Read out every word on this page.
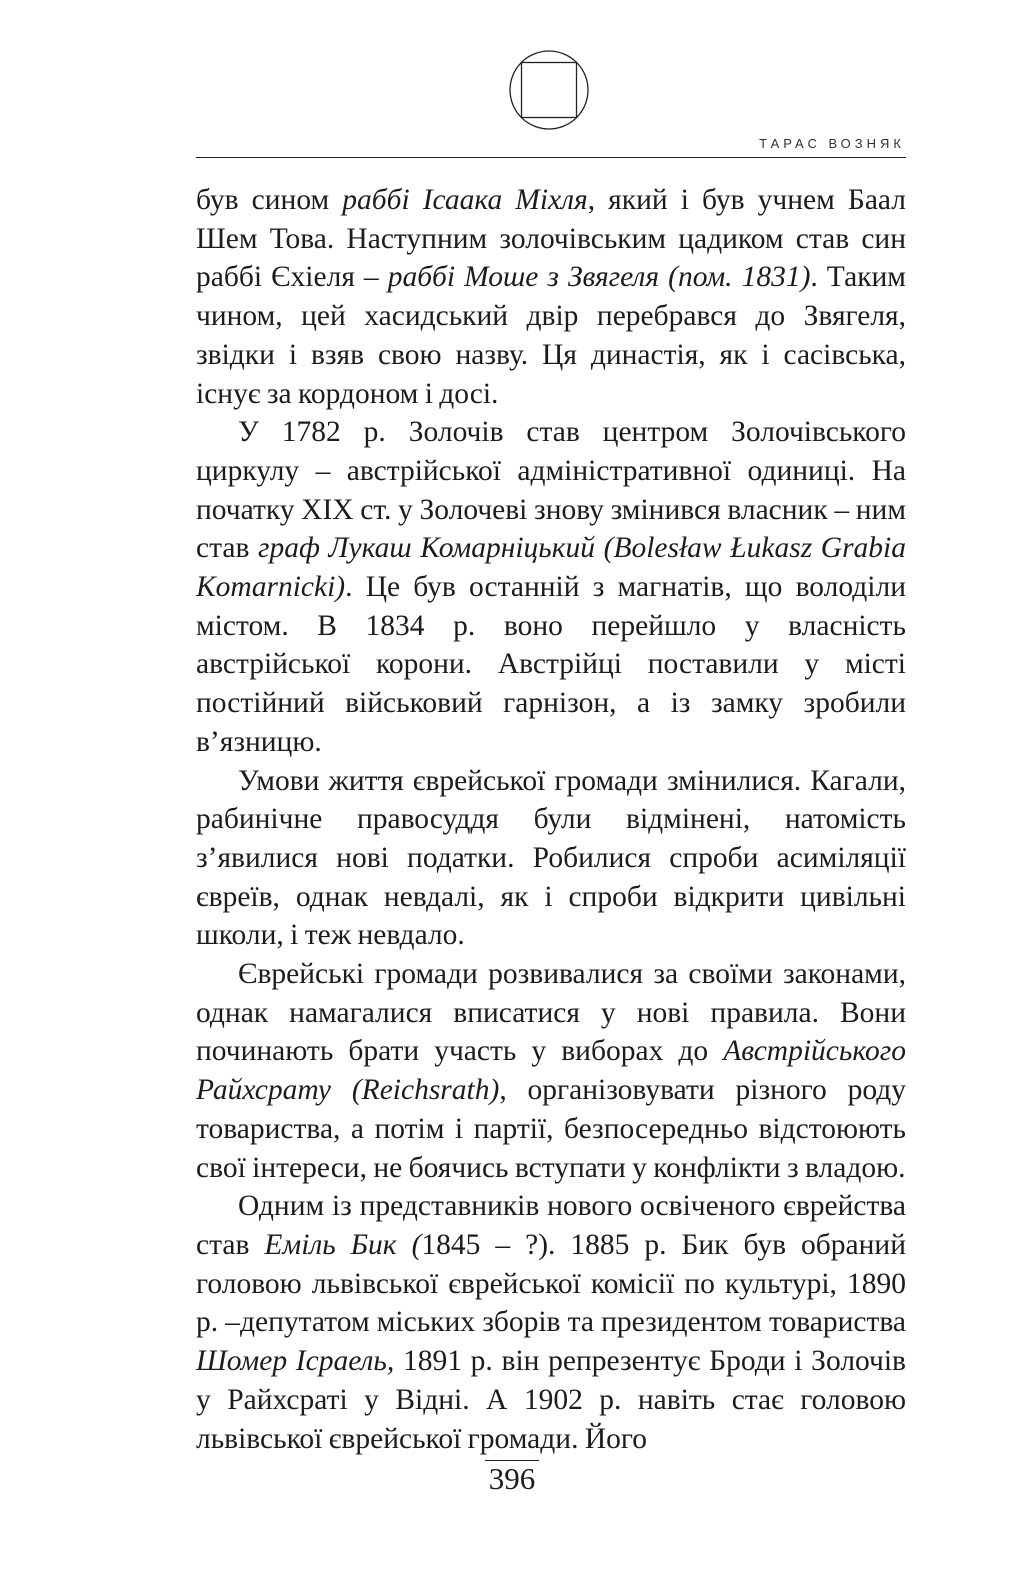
ТАРАС ВОЗНЯК

був сином раббі Ісаака Міхля, який і був учнем Баал Шем Това. Наступним золочівським цадиком став син раббі Єхіеля – раббі Моше з Звягеля (пом. 1831). Таким чином, цей хасидський двір перебрався до Звягеля, звідки і взяв свою назву. Ця династія, як і сасівська, існує за кордоном і досі.

У 1782 р. Золочів став центром Золочівського циркулу – австрійської адміністративної одиниці. На початку XIX ст. у Золочеві знову змінився власник – ним став граф Лукаш Комарніцький (Bolesław Łukasz Grabia Komarnicki). Це був останній з магнатів, що володіли містом. В 1834 р. воно перейшло у власність австрійської корони. Австрійці поставили у місті постійний військовий гарнізон, а із замку зробили в’язницю.

Умови життя єврейської громади змінилися. Кагали, рабинічне правосуддя були відмінені, натомість з’явилися нові податки. Робилися спроби асиміляції євреїв, однак невдалі, як і спроби відкрити цивільні школи, і теж невдало.

Єврейські громади розвивалися за своїми законами, однак намагалися вписатися у нові правила. Вони починають брати участь у виборах до Австрійського Райхсрату (Reichsrath), організовувати різного роду товариства, а потім і партії, безпосередньо відстоюють свої інтереси, не боячись вступати у конфлікти з владою.

Одним із представників нового освіченого єврейства став Еміль Бик (1845 – ?). 1885 р. Бик був обраний головою львівської єврейської комісії по культурі, 1890 р. –депутатом міських зборів та президентом товариства Шомер Ісраель, 1891 р. він репрезентує Броди і Золочів у Райхсраті у Відні. А 1902 р. навіть стає головою львівської єврейської громади. Його

396
